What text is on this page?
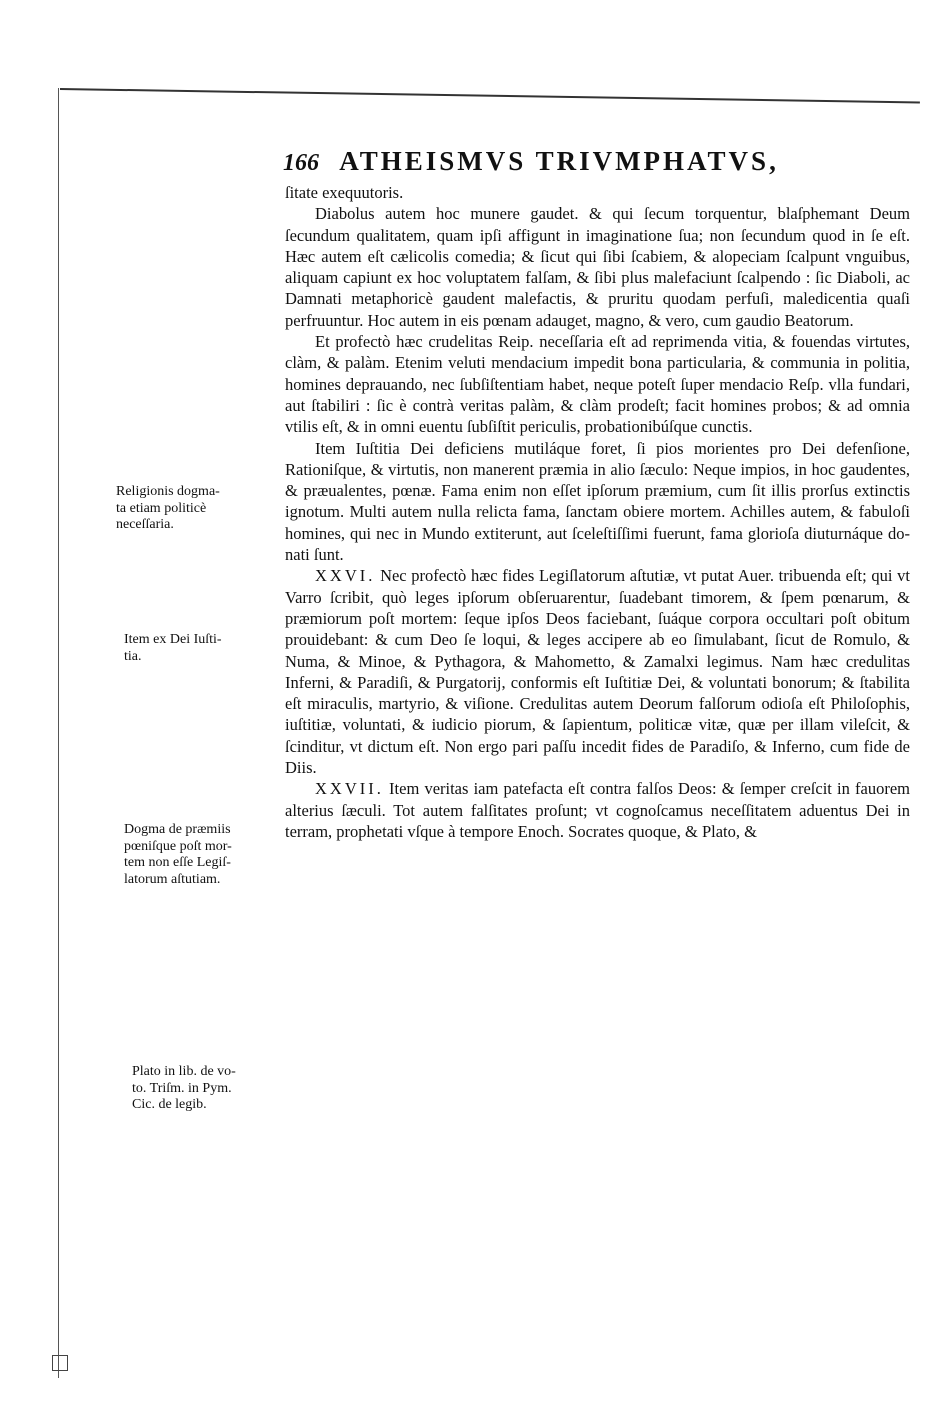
166 ATHEISMVS TRIVMPHATVS,

ſitate exequutoris.

Diabolus autem hoc munere gaudet. & qui ſecum torquentur, blaſphemant Deum ſecundum qualitatem, quam ipſi affigunt in imaginatione ſua; non ſecundum quod in ſe eſt. Hæc autem eſt cælicolis comedia; & ſicut qui ſibi ſcabiem, & alopeciam ſcalpunt vnguibus, aliquam capiunt ex hoc voluptatem falſam, & ſibi plus malefaciunt ſcalpendo : ſic Diaboli, ac Damnati metaphoricè gaudent malefactis, & pruritu quodam perfuſi, maledicentia quaſi perfruuntur. Hoc autem in eis pœnam adauget, magno, & vero, cum gaudio Beatorum.

Et profectò hæc crudelitas Reip. neceſſaria eſt ad reprimenda vitia, & fouendas virtutes, clàm, & palàm. Etenim veluti mendacium impedit bona particularia, & communia in politia, homines deprauando, nec ſubſiſtentiam habet, neque poteſt ſuper mendacio Reſp. vlla fundari, aut ſtabiliri : ſic è contrà veritas palàm, & clàm prodeſt; facit homines probos; & ad omnia vtilis eſt, & in omni euentu ſubſiſtit periculis, probationibúſque cunctis.

Item Iuſtitia Dei deficiens mutiláque foret, ſi pios morientes pro Dei defenſione, Rationiſque, & virtutis, non manerent præmia in alio ſæculo: Neque impios, in hoc gaudentes, & præualentes, pœnæ. Fama enim non eſſet ipſorum præmium, cum ſit illis prorſus extinctis ignotum. Multi autem nulla relicta fama, ſanctam obiere mortem. Achilles autem, & fabuloſi homines, qui nec in Mundo extiterunt, aut ſceleſtiſſimi fuerunt, fama glorioſa diuturnáque donati ſunt.

XXVI. Nec profectò hæc fides Legiſlatorum aſtutiæ, vt putat Auer. tribuenda eſt; qui vt Varro ſcribit, quò leges ipſorum obſeruarentur, ſuadebant timorem, & ſpem pœnarum, & præmiorum poſt mortem: ſeque ipſos Deos faciebant, ſuáque corpora occultari poſt obitum prouidebant: & cum Deo ſe loqui, & leges accipere ab eo ſimulabant, ſicut de Romulo, & Numa, & Minoe, & Pythagora, & Mahometto, & Zamalxi legimus. Nam hæc credulitas Inferni, & Paradiſi, & Purgatorij, conformis eſt Iuſtitiæ Dei, & voluntati bonorum; & ſtabilita eſt miraculis, martyrio, & viſione. Credulitas autem Deorum falſorum odioſa eſt Philoſophis, iuſtitiæ, voluntati, & iudicio piorum, & ſapientum, politicæ vitæ, quæ per illam vileſcit, & ſcinditur, vt dictum eſt. Non ergo pari paſſu incedit fides de Paradiſo, & Inferno, cum fide de Diis.

XXVII. Item veritas iam patefacta eſt contra falſos Deos: & ſemper creſcit in fauorem alterius ſæculi. Tot autem falſitates proſunt; vt cognoſcamus neceſſitatem aduentus Dei in terram, prophetati vſque à tempore Enoch. Socrates quoque, & Plato, &

Religionis dogma-
ta etiam politicè
neceſſaria.
Item ex Dei Iuſti-
tia.
Dogma de præmiis
pœniſque poſt mor-
tem non eſſe Legiſ-
latorum aſtutiam.
Plato in lib. de vo-
to. Triſm. in Pym.
Cic. de legib.
